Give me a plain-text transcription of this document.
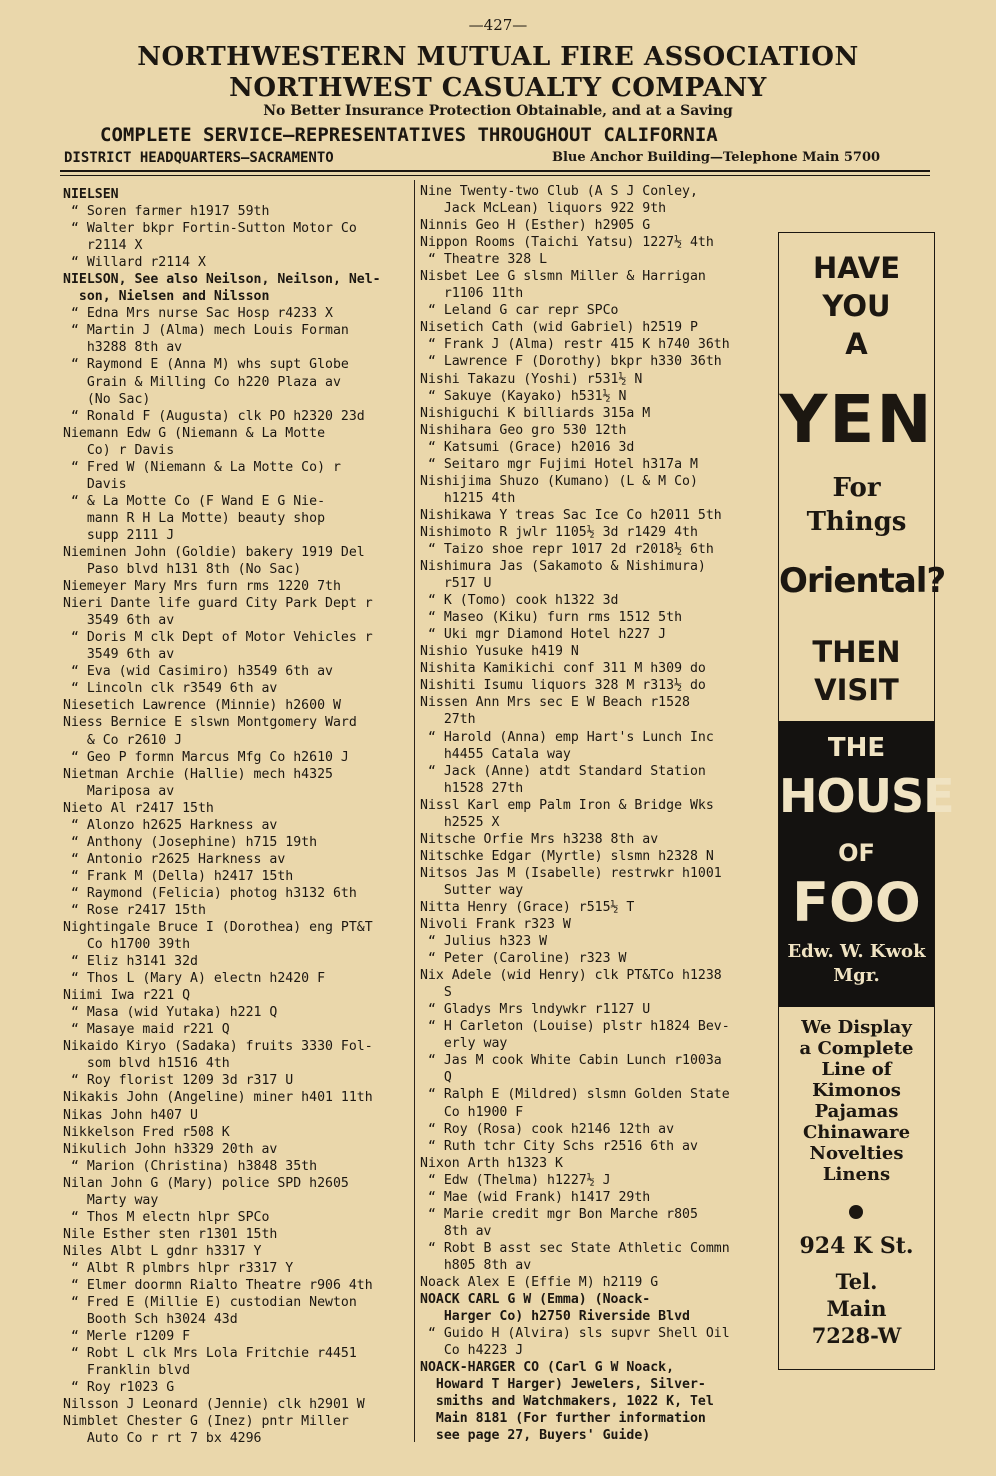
—427—
NORTHWESTERN MUTUAL FIRE ASSOCIATION
NORTHWEST CASUALTY COMPANY
No Better Insurance Protection Obtainable, and at a Saving
COMPLETE SERVICE—REPRESENTATIVES THROUGHOUT CALIFORNIA
DISTRICT HEADQUARTERS—SACRAMENTO	Blue Anchor Building—Telephone Main 5700
NIELSEN
“ Soren farmer h1917 59th
“ Walter bkpr Fortin-Sutton Motor Co
r2114 X
“ Willard r2114 X
NIELSON, See also Neilson, Neilson, Nel-
son, Nielsen and Nilsson
“ Edna Mrs nurse Sac Hosp r4233 X
“ Martin J (Alma) mech Louis Forman
h3288 8th av
“ Raymond E (Anna M) whs supt Globe
Grain & Milling Co h220 Plaza av
(No Sac)
“ Ronald F (Augusta) clk PO h2320 23d
Niemann Edw G (Niemann & La Motte
Co) r Davis
“ Fred W (Niemann & La Motte Co) r
Davis
“ & La Motte Co (F Wand E G Nie-
mann R H La Motte) beauty shop
supp 2111 J
Nieminen John (Goldie) bakery 1919 Del
Paso blvd h131 8th (No Sac)
Niemeyer Mary Mrs furn rms 1220 7th
Nieri Dante life guard City Park Dept r
3549 6th av
“ Doris M clk Dept of Motor Vehicles r
3549 6th av
“ Eva (wid Casimiro) h3549 6th av
“ Lincoln clk r3549 6th av
Niesetich Lawrence (Minnie) h2600 W
Niess Bernice E slswn Montgomery Ward
& Co r2610 J
“ Geo P formn Marcus Mfg Co h2610 J
Nietman Archie (Hallie) mech h4325
Mariposa av
Nieto Al r2417 15th
“ Alonzo h2625 Harkness av
“ Anthony (Josephine) h715 19th
“ Antonio r2625 Harkness av
“ Frank M (Della) h2417 15th
“ Raymond (Felicia) photog h3132 6th
“ Rose r2417 15th
Nightingale Bruce I (Dorothea) eng PT&T
Co h1700 39th
“ Eliz h3141 32d
“ Thos L (Mary A) electn h2420 F
Niimi Iwa r221 Q
“ Masa (wid Yutaka) h221 Q
“ Masaye maid r221 Q
Nikaido Kiryo (Sadaka) fruits 3330 Fol-
som blvd h1516 4th
“ Roy florist 1209 3d r317 U
Nikakis John (Angeline) miner h401 11th
Nikas John h407 U
Nikkelson Fred r508 K
Nikulich John h3329 20th av
“ Marion (Christina) h3848 35th
Nilan John G (Mary) police SPD h2605
Marty way
“ Thos M electn hlpr SPCo
Nile Esther sten r1301 15th
Niles Albt L gdnr h3317 Y
“ Albt R plmbrs hlpr r3317 Y
“ Elmer doormn Rialto Theatre r906 4th
“ Fred E (Millie E) custodian Newton
Booth Sch h3024 43d
“ Merle r1209 F
“ Robt L clk Mrs Lola Fritchie r4451
Franklin blvd
“ Roy r1023 G
Nilsson J Leonard (Jennie) clk h2901 W
Nimblet Chester G (Inez) pntr Miller
Auto Co r rt 7 bx 4296
Nine Twenty-two Club (A S J Conley,
Jack McLean) liquors 922 9th
Ninnis Geo H (Esther) h2905 G
Nippon Rooms (Taichi Yatsu) 1227½ 4th
“ Theatre 328 L
Nisbet Lee G slsmn Miller & Harrigan
r1106 11th
“ Leland G car repr SPCo
Nisetich Cath (wid Gabriel) h2519 P
“ Frank J (Alma) restr 415 K h740 36th
“ Lawrence F (Dorothy) bkpr h330 36th
Nishi Takazu (Yoshi) r531½ N
“ Sakuye (Kayako) h531½ N
Nishiguchi K billiards 315a M
Nishihara Geo gro 530 12th
“ Katsumi (Grace) h2016 3d
“ Seitaro mgr Fujimi Hotel h317a M
Nishijima Shuzo (Kumano) (L & M Co)
h1215 4th
Nishikawa Y treas Sac Ice Co h2011 5th
Nishimoto R jwlr 1105½ 3d r1429 4th
“ Taizo shoe repr 1017 2d r2018½ 6th
Nishimura Jas (Sakamoto & Nishimura)
r517 U
“ K (Tomo) cook h1322 3d
“ Maseo (Kiku) furn rms 1512 5th
“ Uki mgr Diamond Hotel h227 J
Nishio Yusuke h419 N
Nishita Kamikichi conf 311 M h309 do
Nishiti Isumu liquors 328 M r313½ do
Nissen Ann Mrs sec E W Beach r1528
27th
“ Harold (Anna) emp Hart's Lunch Inc
h4455 Catala way
“ Jack (Anne) atdt Standard Station
h1528 27th
Nissl Karl emp Palm Iron & Bridge Wks
h2525 X
Nitsche Orfie Mrs h3238 8th av
Nitschke Edgar (Myrtle) slsmn h2328 N
Nitsos Jas M (Isabelle) restrwkr h1001
Sutter way
Nitta Henry (Grace) r515½ T
Nivoli Frank r323 W
“ Julius h323 W
“ Peter (Caroline) r323 W
Nix Adele (wid Henry) clk PT&TCo h1238
S
“ Gladys Mrs lndywkr r1127 U
“ H Carleton (Louise) plstr h1824 Bev-
erly way
“ Jas M cook White Cabin Lunch r1003a
Q
“ Ralph E (Mildred) slsmn Golden State
Co h1900 F
“ Roy (Rosa) cook h2146 12th av
“ Ruth tchr City Schs r2516 6th av
Nixon Arth h1323 K
“ Edw (Thelma) h1227½ J
“ Mae (wid Frank) h1417 29th
“ Marie credit mgr Bon Marche r805
8th av
“ Robt B asst sec State Athletic Commn
h805 8th av
Noack Alex E (Effie M) h2119 G
NOACK CARL G W (Emma) (Noack-
Harger Co) h2750 Riverside Blvd
“ Guido H (Alvira) sls supvr Shell Oil
Co h4223 J
NOACK-HARGER CO (Carl G W Noack,
Howard T Harger) Jewelers, Silver-
smiths and Watchmakers, 1022 K, Tel
Main 8181 (For further information
see page 27, Buyers' Guide)
HAVE
YOU
A
YEN
For
Things
Oriental?
THEN
VISIT
THE
HOUSE
OF
FOO
Edw. W. Kwok
Mgr.
We Display
a Complete
Line of
Kimonos
Pajamas
Chinaware
Novelties
Linens
924 K St.
Tel.
Main
7228-W
